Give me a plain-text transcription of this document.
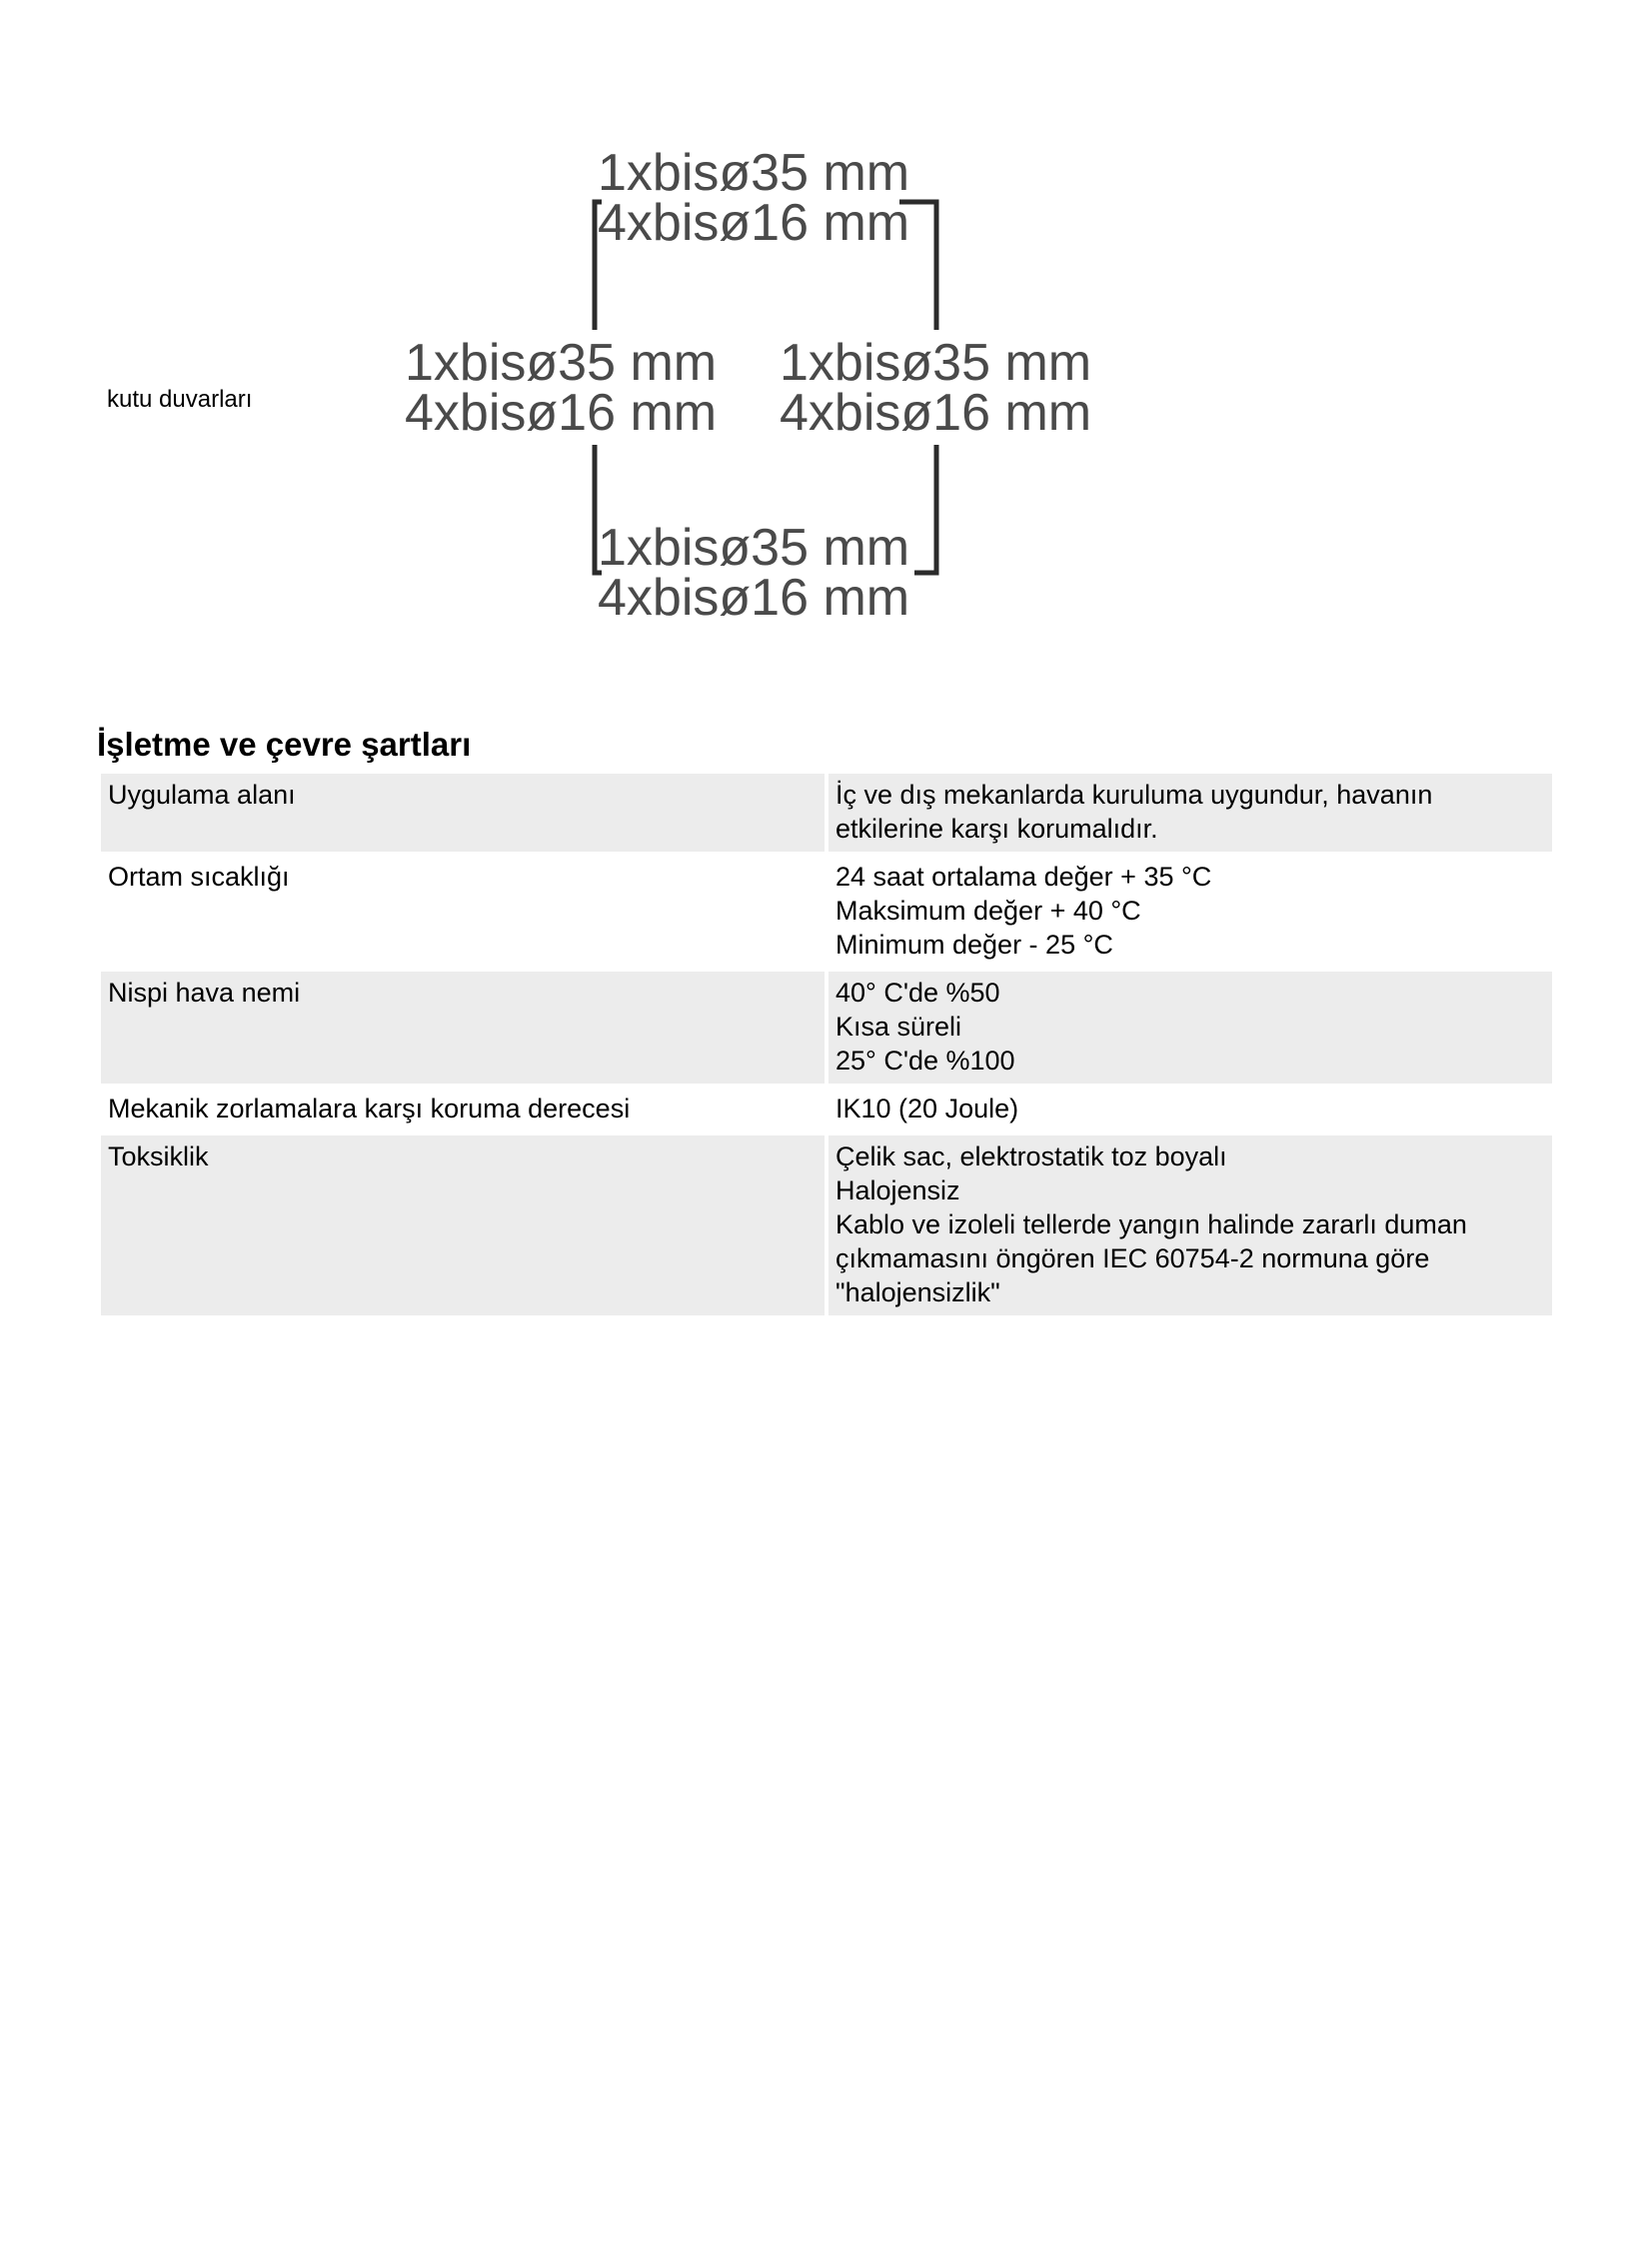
kutu duvarları
1xbisø35 mm
4xbisø16 mm
1xbisø35 mm
4xbisø16 mm
1xbisø35 mm
4xbisø16 mm
1xbisø35 mm
4xbisø16 mm
İşletme ve çevre şartları
Uygulama alanı	İç ve dış mekanlarda kuruluma uygundur, havanın
etkilerine karşı korumalıdır.

Ortam sıcaklığı	24 saat ortalama değer + 35 °C
Maksimum değer + 40 °C
Minimum değer - 25 °C

Nispi hava nemi	40° C'de %50
Kısa süreli
25° C'de %100

Mekanik zorlamalara karşı koruma derecesi	IK10 (20 Joule)

Toksiklik	Çelik sac, elektrostatik toz boyalı
Halojensiz
Kablo ve izoleli tellerde yangın halinde zararlı duman
çıkmamasını öngören IEC 60754-2 normuna göre
"halojensizlik"
